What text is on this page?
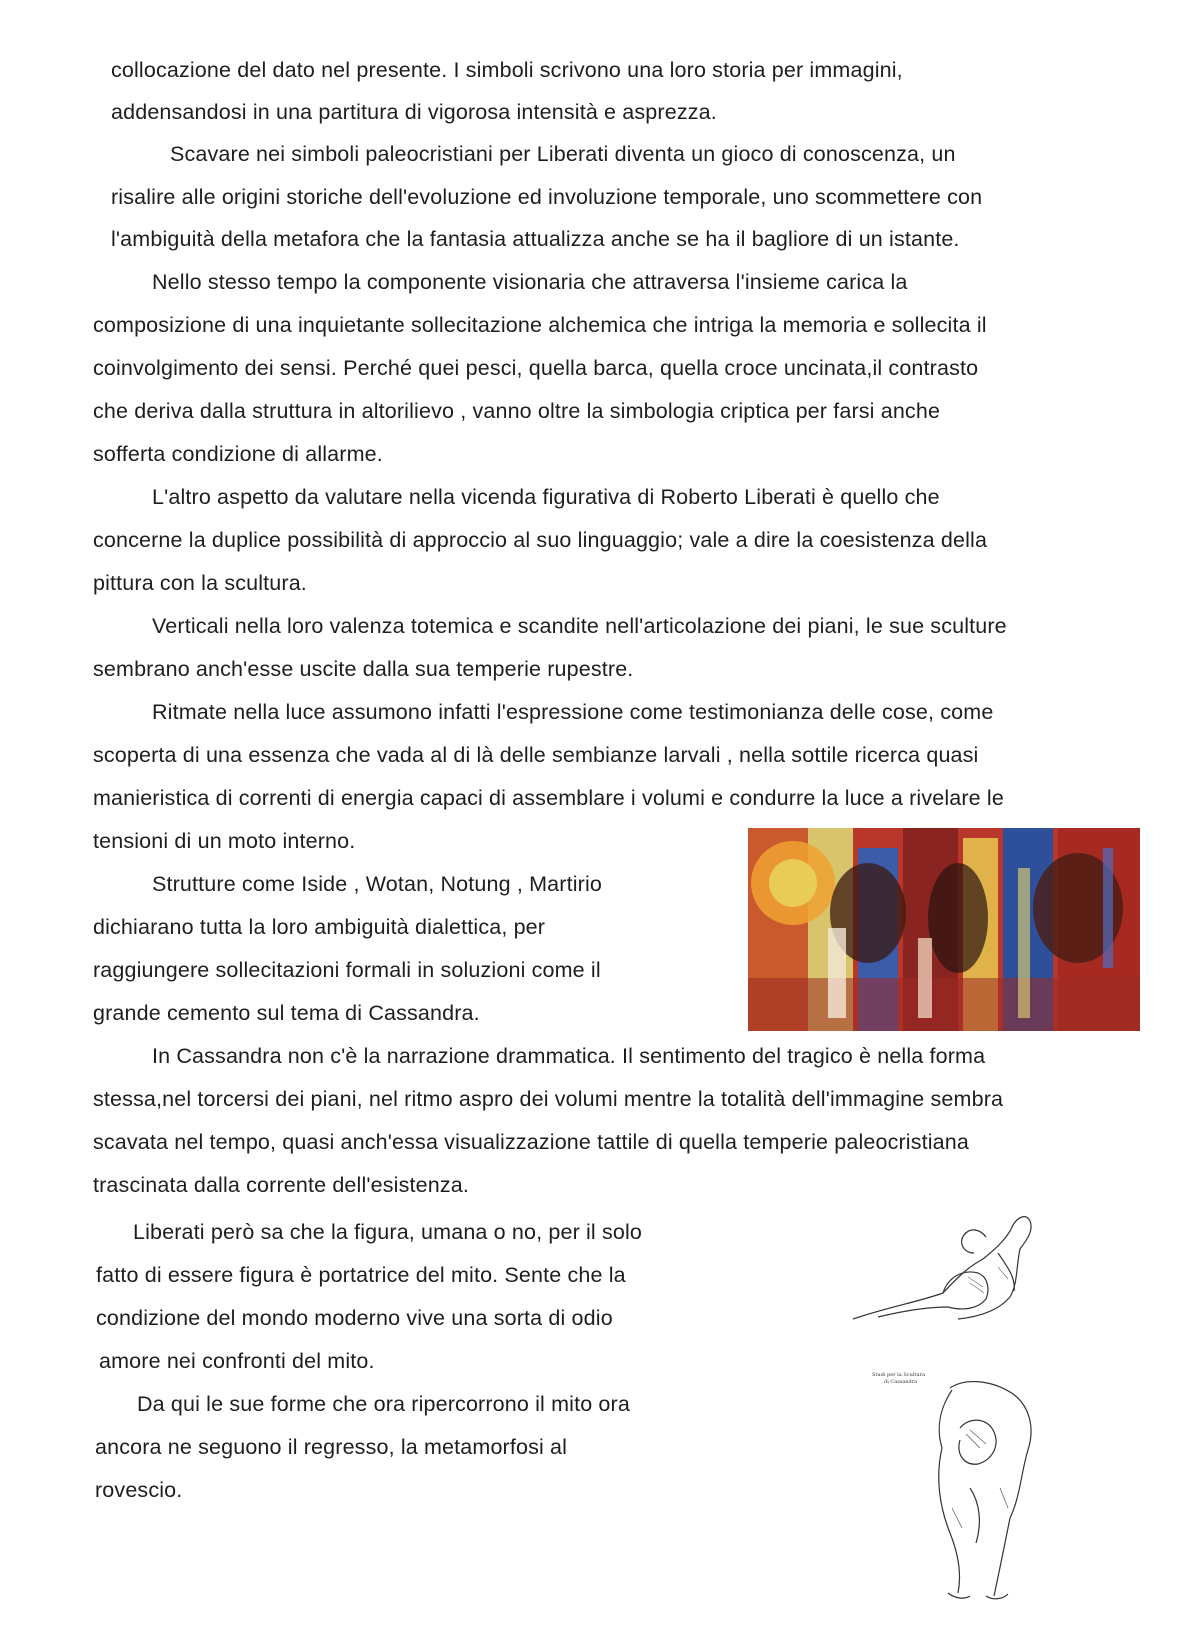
collocazione del dato nel presente. I simboli scrivono una loro storia per immagini,
addensandosi in una partitura di vigorosa intensità e asprezza.
Scavare nei simboli paleocristiani per Liberati diventa un gioco di conoscenza, un
risalire alle origini storiche dell'evoluzione ed involuzione temporale, uno scommettere con
l'ambiguità della metafora che la fantasia attualizza anche se ha il bagliore di un istante.
Nello stesso tempo la componente visionaria che attraversa l'insieme carica la
composizione di una inquietante sollecitazione alchemica che intriga la memoria e sollecita il
coinvolgimento dei sensi. Perché quei pesci, quella barca, quella croce uncinata,il contrasto
che deriva dalla struttura in altorilievo , vanno oltre la simbologia criptica per farsi anche
sofferta condizione di allarme.
L'altro aspetto da valutare nella vicenda figurativa di Roberto Liberati è quello che
concerne la duplice possibilità di approccio al suo linguaggio; vale a dire la coesistenza della
pittura con la scultura.
Verticali nella loro valenza totemica e scandite nell'articolazione dei piani, le sue sculture
sembrano anch'esse uscite dalla sua temperie rupestre.
Ritmate nella luce assumono infatti l'espressione come testimonianza delle cose, come
scoperta di una essenza che vada al di là delle sembianze larvali , nella sottile ricerca quasi
manieristica di correnti di energia capaci di assemblare i volumi e condurre la luce a rivelare le
tensioni di un moto interno.
Strutture come Iside , Wotan, Notung , Martirio
dichiarano tutta la loro ambiguità dialettica, per
raggiungere sollecitazioni formali in soluzioni come il
grande cemento sul tema di Cassandra.
In Cassandra non c'è la narrazione drammatica. Il sentimento del tragico è nella forma
stessa,nel torcersi dei piani, nel ritmo aspro dei volumi mentre la totalità dell'immagine sembra
scavata nel tempo, quasi anch'essa visualizzazione tattile di quella temperie paleocristiana
trascinata dalla corrente dell'esistenza.
Liberati però sa che la figura, umana o no, per il solo
fatto di essere figura è portatrice del mito. Sente che la
condizione del mondo moderno vive una sorta di odio
amore nei confronti del mito.
Da qui le sue forme che ora ripercorrono il mito ora
ancora ne seguono il regresso, la metamorfosi al
rovescio.
Studi per la Scultura
di Cassandra
